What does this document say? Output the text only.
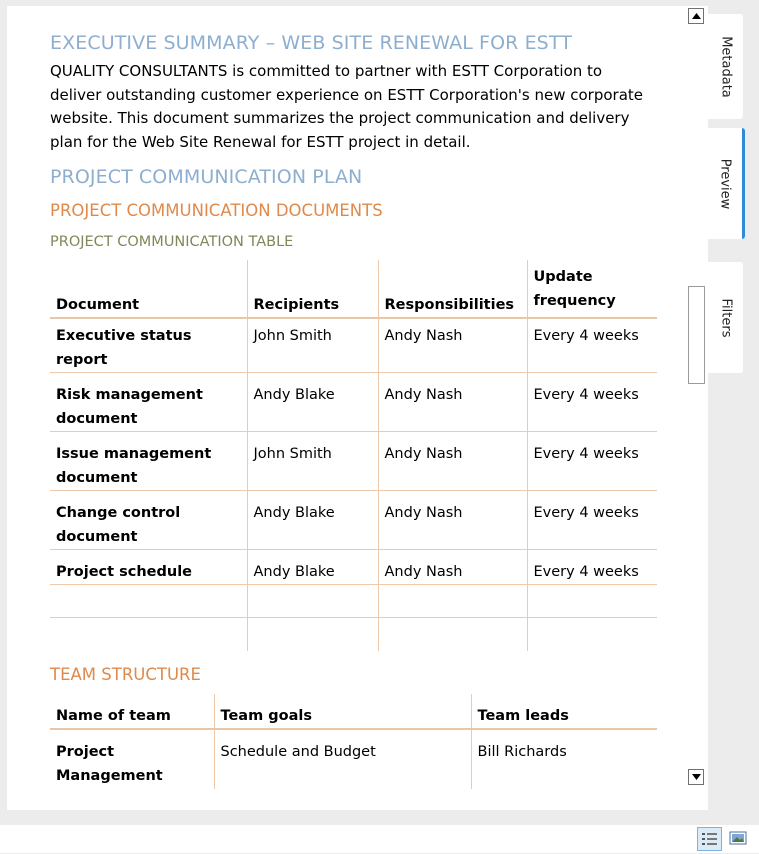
EXECUTIVE SUMMARY – WEB SITE RENEWAL FOR ESTT

QUALITY CONSULTANTS is committed to partner with ESTT Corporation to deliver outstanding customer experience on ESTT Corporation's new corporate website. This document summarizes the project communication and delivery plan for the Web Site Renewal for ESTT project in detail.

PROJECT COMMUNICATION PLAN
PROJECT COMMUNICATION DOCUMENTS
PROJECT COMMUNICATION TABLE
Document	Recipients	Responsibilities	Update frequency
Executive status report	John Smith	Andy Nash	Every 4 weeks
Risk management document	Andy Blake	Andy Nash	Every 4 weeks
Issue management document	John Smith	Andy Nash	Every 4 weeks
Change control document	Andy Blake	Andy Nash	Every 4 weeks
Project schedule	Andy Blake	Andy Nash	Every 4 weeks

TEAM STRUCTURE
Name of team	Team goals	Team leads
Project Management	Schedule and Budget	Bill Richards
Metadata
Preview
Filters
